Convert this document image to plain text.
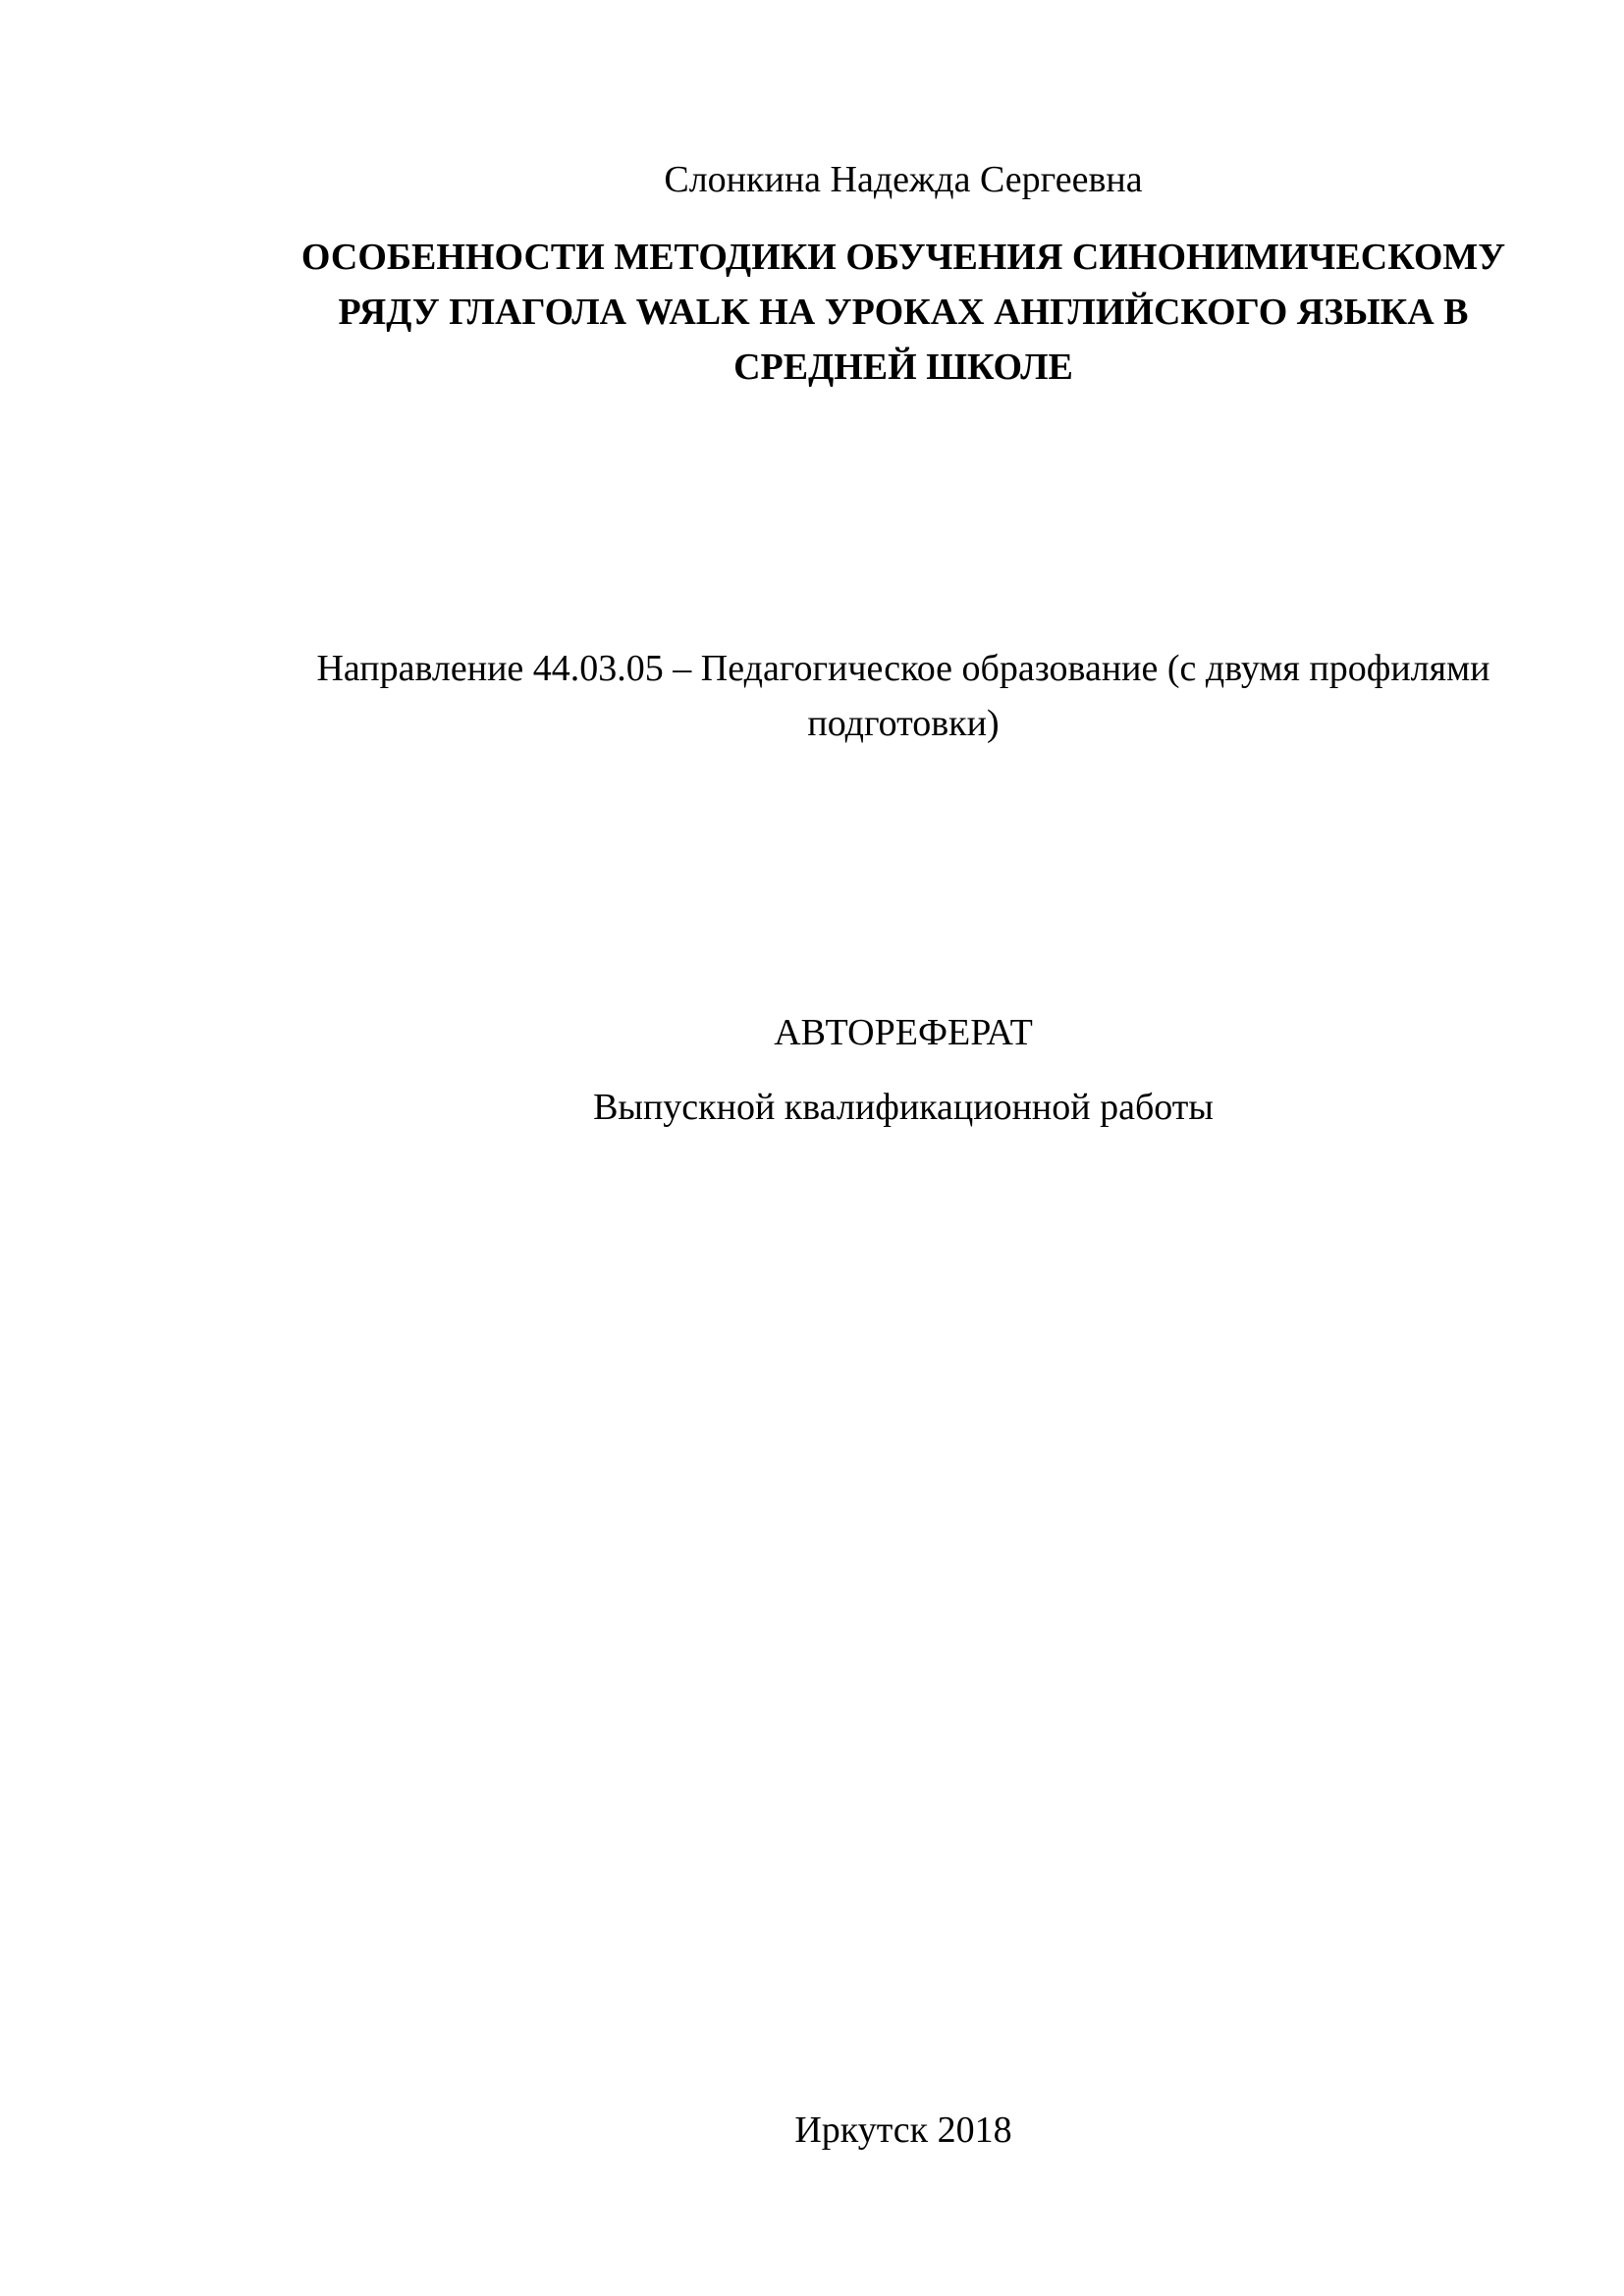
Слонкина Надежда Сергеевна
ОСОБЕННОСТИ МЕТОДИКИ ОБУЧЕНИЯ СИНОНИМИЧЕСКОМУ
РЯДУ ГЛАГОЛА WALK НА УРОКАХ АНГЛИЙСКОГО ЯЗЫКА В
СРЕДНЕЙ ШКОЛЕ
Направление 44.03.05 – Педагогическое образование (с двумя профилями
подготовки)
АВТОРЕФЕРАТ
Выпускной квалификационной работы
Иркутск 2018
